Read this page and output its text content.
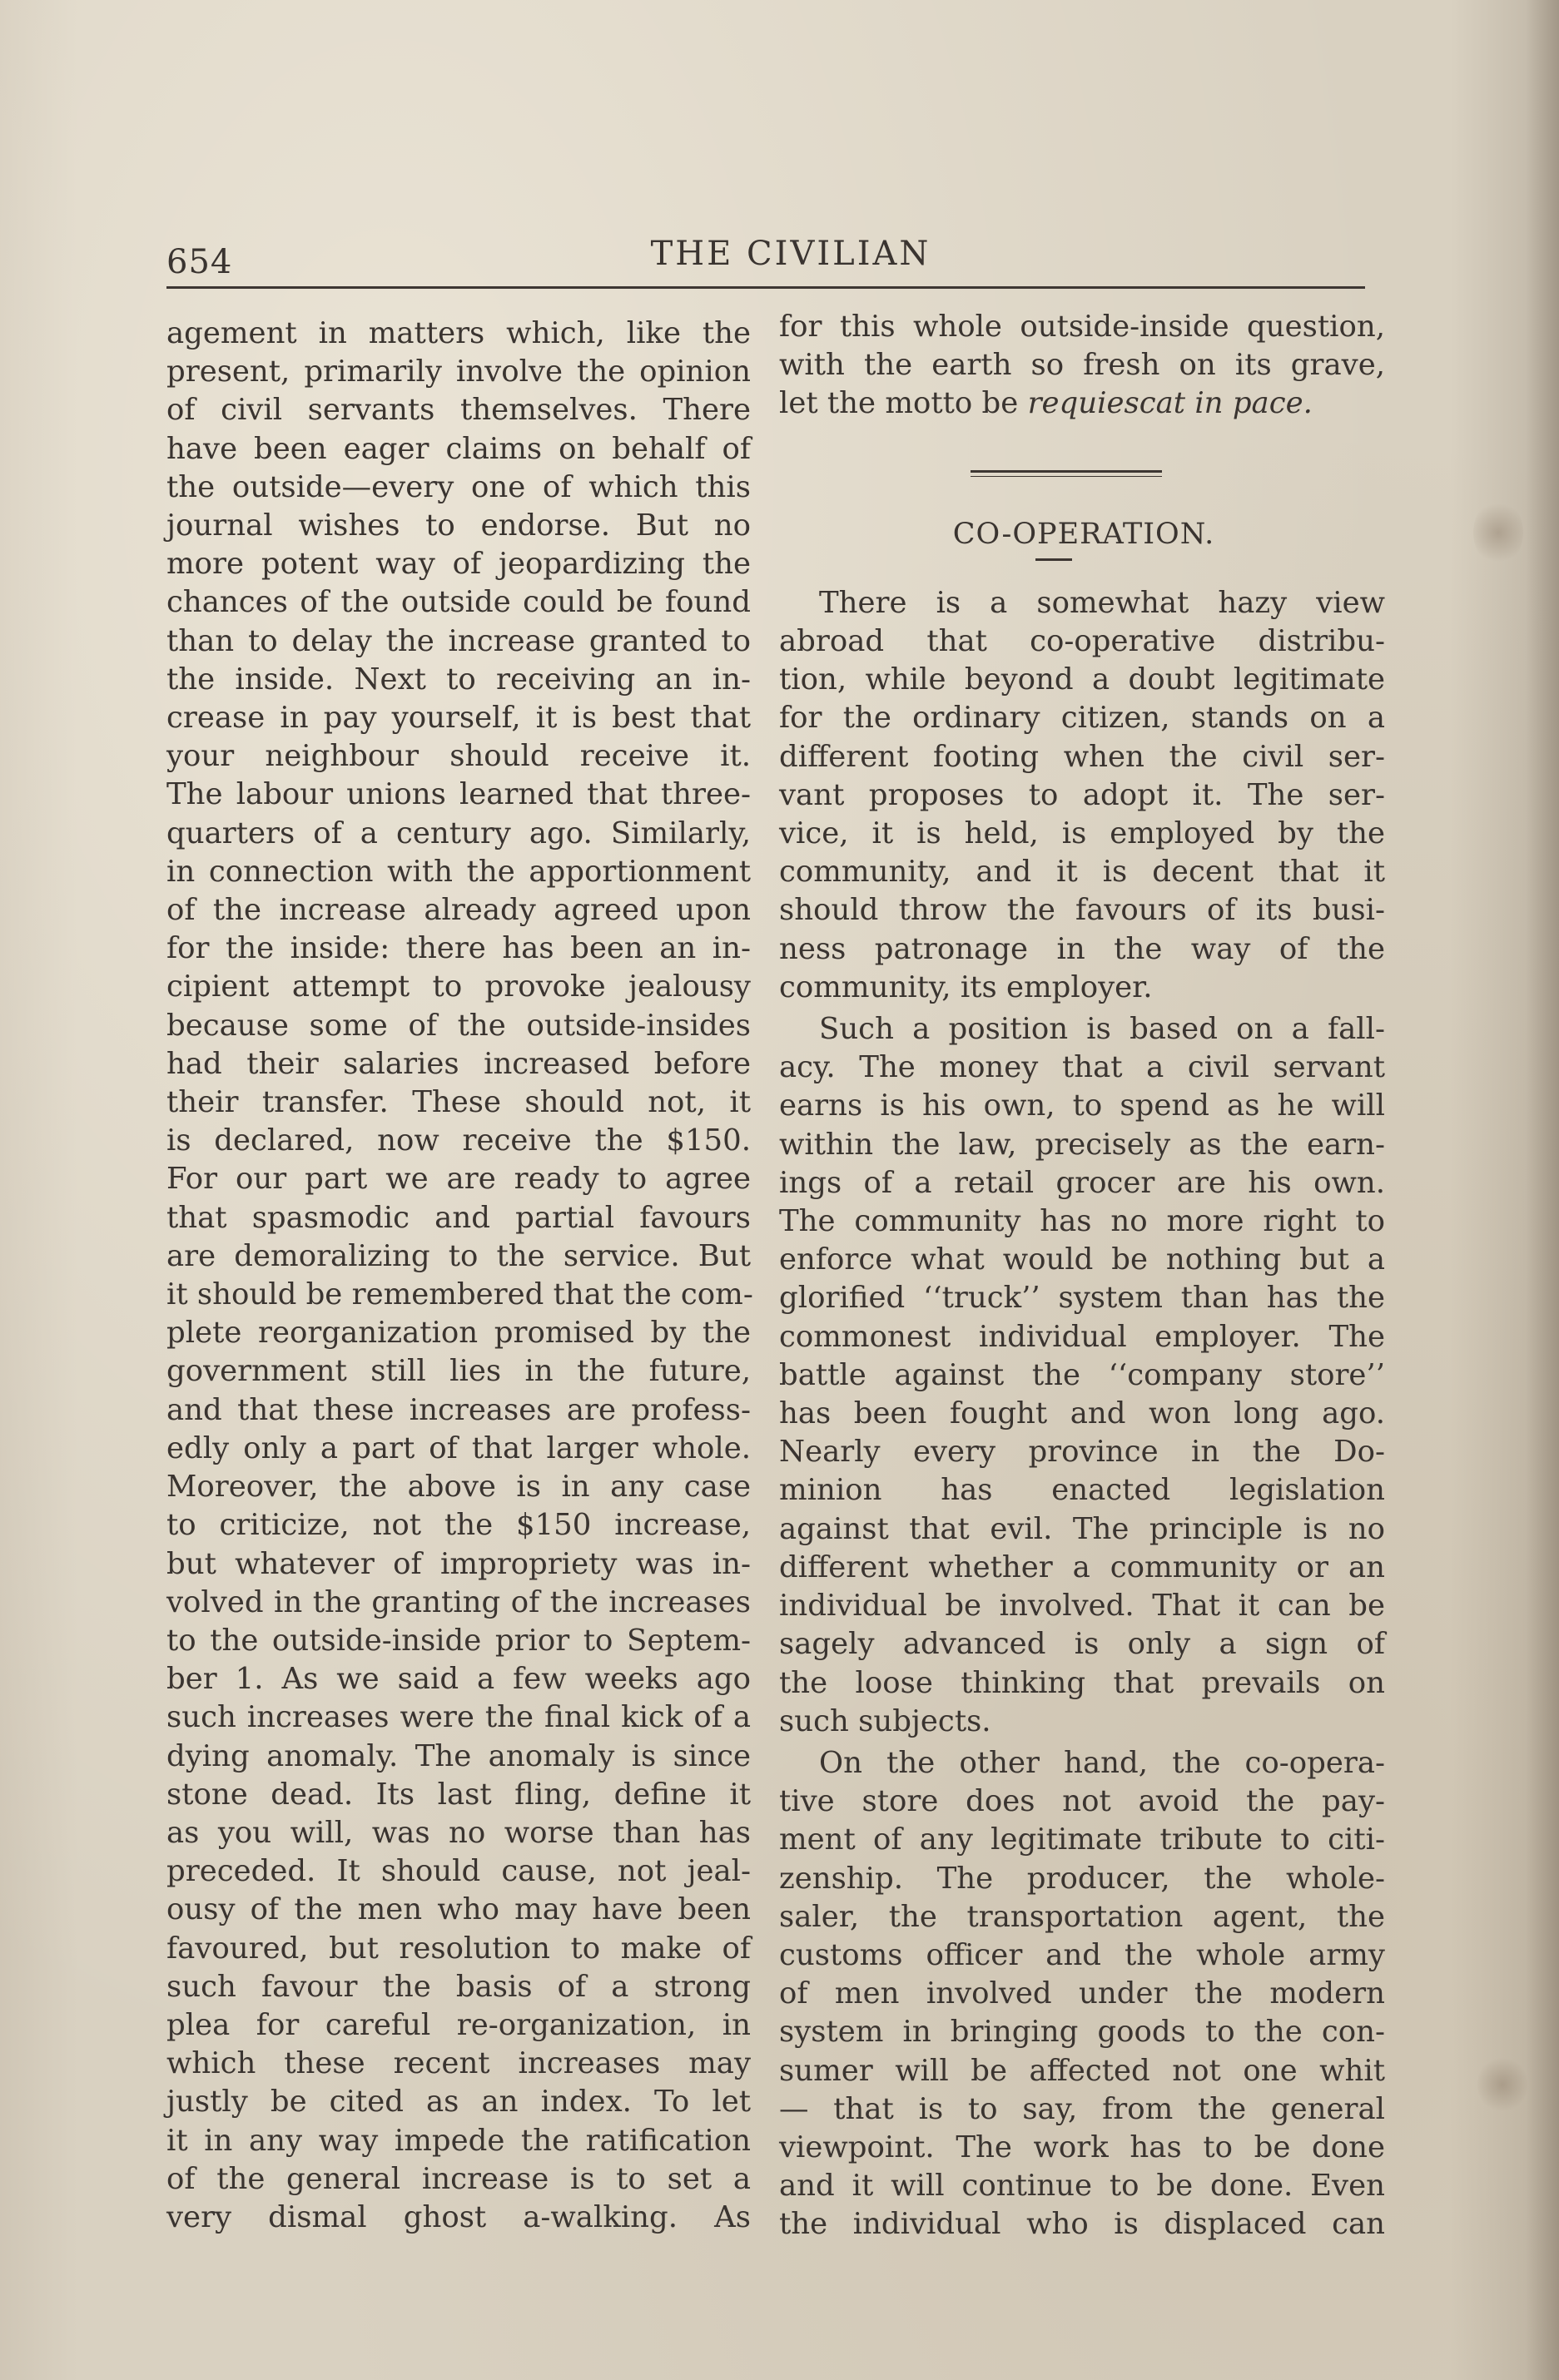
654	THE CIVILIAN
agement in matters which, like the
present, primarily involve the opinion
of civil servants themselves. There
have been eager claims on behalf of
the outside—every one of which this
journal wishes to endorse. But no
more potent way of jeopardizing the
chances of the outside could be found
than to delay the increase granted to
the inside. Next to receiving an in-
crease in pay yourself, it is best that
your neighbour should receive it.
The labour unions learned that three-
quarters of a century ago. Similarly,
in connection with the apportionment
of the increase already agreed upon
for the inside: there has been an in-
cipient attempt to provoke jealousy
because some of the outside-insides
had their salaries increased before
their transfer. These should not, it
is declared, now receive the $150.
For our part we are ready to agree
that spasmodic and partial favours
are demoralizing to the service. But
it should be remembered that the com-
plete reorganization promised by the
government still lies in the future,
and that these increases are profess-
edly only a part of that larger whole.
Moreover, the above is in any case
to criticize, not the $150 increase,
but whatever of impropriety was in-
volved in the granting of the increases
to the outside-inside prior to Septem-
ber 1. As we said a few weeks ago
such increases were the final kick of a
dying anomaly. The anomaly is since
stone dead. Its last fling, define it
as you will, was no worse than has
preceded. It should cause, not jeal-
ousy of the men who may have been
favoured, but resolution to make of
such favour the basis of a strong
plea for careful re-organization, in
which these recent increases may
justly be cited as an index. To let
it in any way impede the ratification
of the general increase is to set a
very dismal ghost a-walking. As
for this whole outside-inside question,
with the earth so fresh on its grave,
let the motto be requiescat in pace.
CO-OPERATION.
There is a somewhat hazy view
abroad that co-operative distribu-
tion, while beyond a doubt legitimate
for the ordinary citizen, stands on a
different footing when the civil ser-
vant proposes to adopt it. The ser-
vice, it is held, is employed by the
community, and it is decent that it
should throw the favours of its busi-
ness patronage in the way of the
community, its employer.
Such a position is based on a fall-
acy. The money that a civil servant
earns is his own, to spend as he will
within the law, precisely as the earn-
ings of a retail grocer are his own.
The community has no more right to
enforce what would be nothing but a
glorified ‘‘truck’’ system than has the
commonest individual employer. The
battle against the ‘‘company store’’
has been fought and won long ago.
Nearly every province in the Do-
minion has enacted legislation
against that evil. The principle is no
different whether a community or an
individual be involved. That it can be
sagely advanced is only a sign of
the loose thinking that prevails on
such subjects.
On the other hand, the co-opera-
tive store does not avoid the pay-
ment of any legitimate tribute to citi-
zenship. The producer, the whole-
saler, the transportation agent, the
customs officer and the whole army
of men involved under the modern
system in bringing goods to the con-
sumer will be affected not one whit
— that is to say, from the general
viewpoint. The work has to be done
and it will continue to be done. Even
the individual who is displaced can
